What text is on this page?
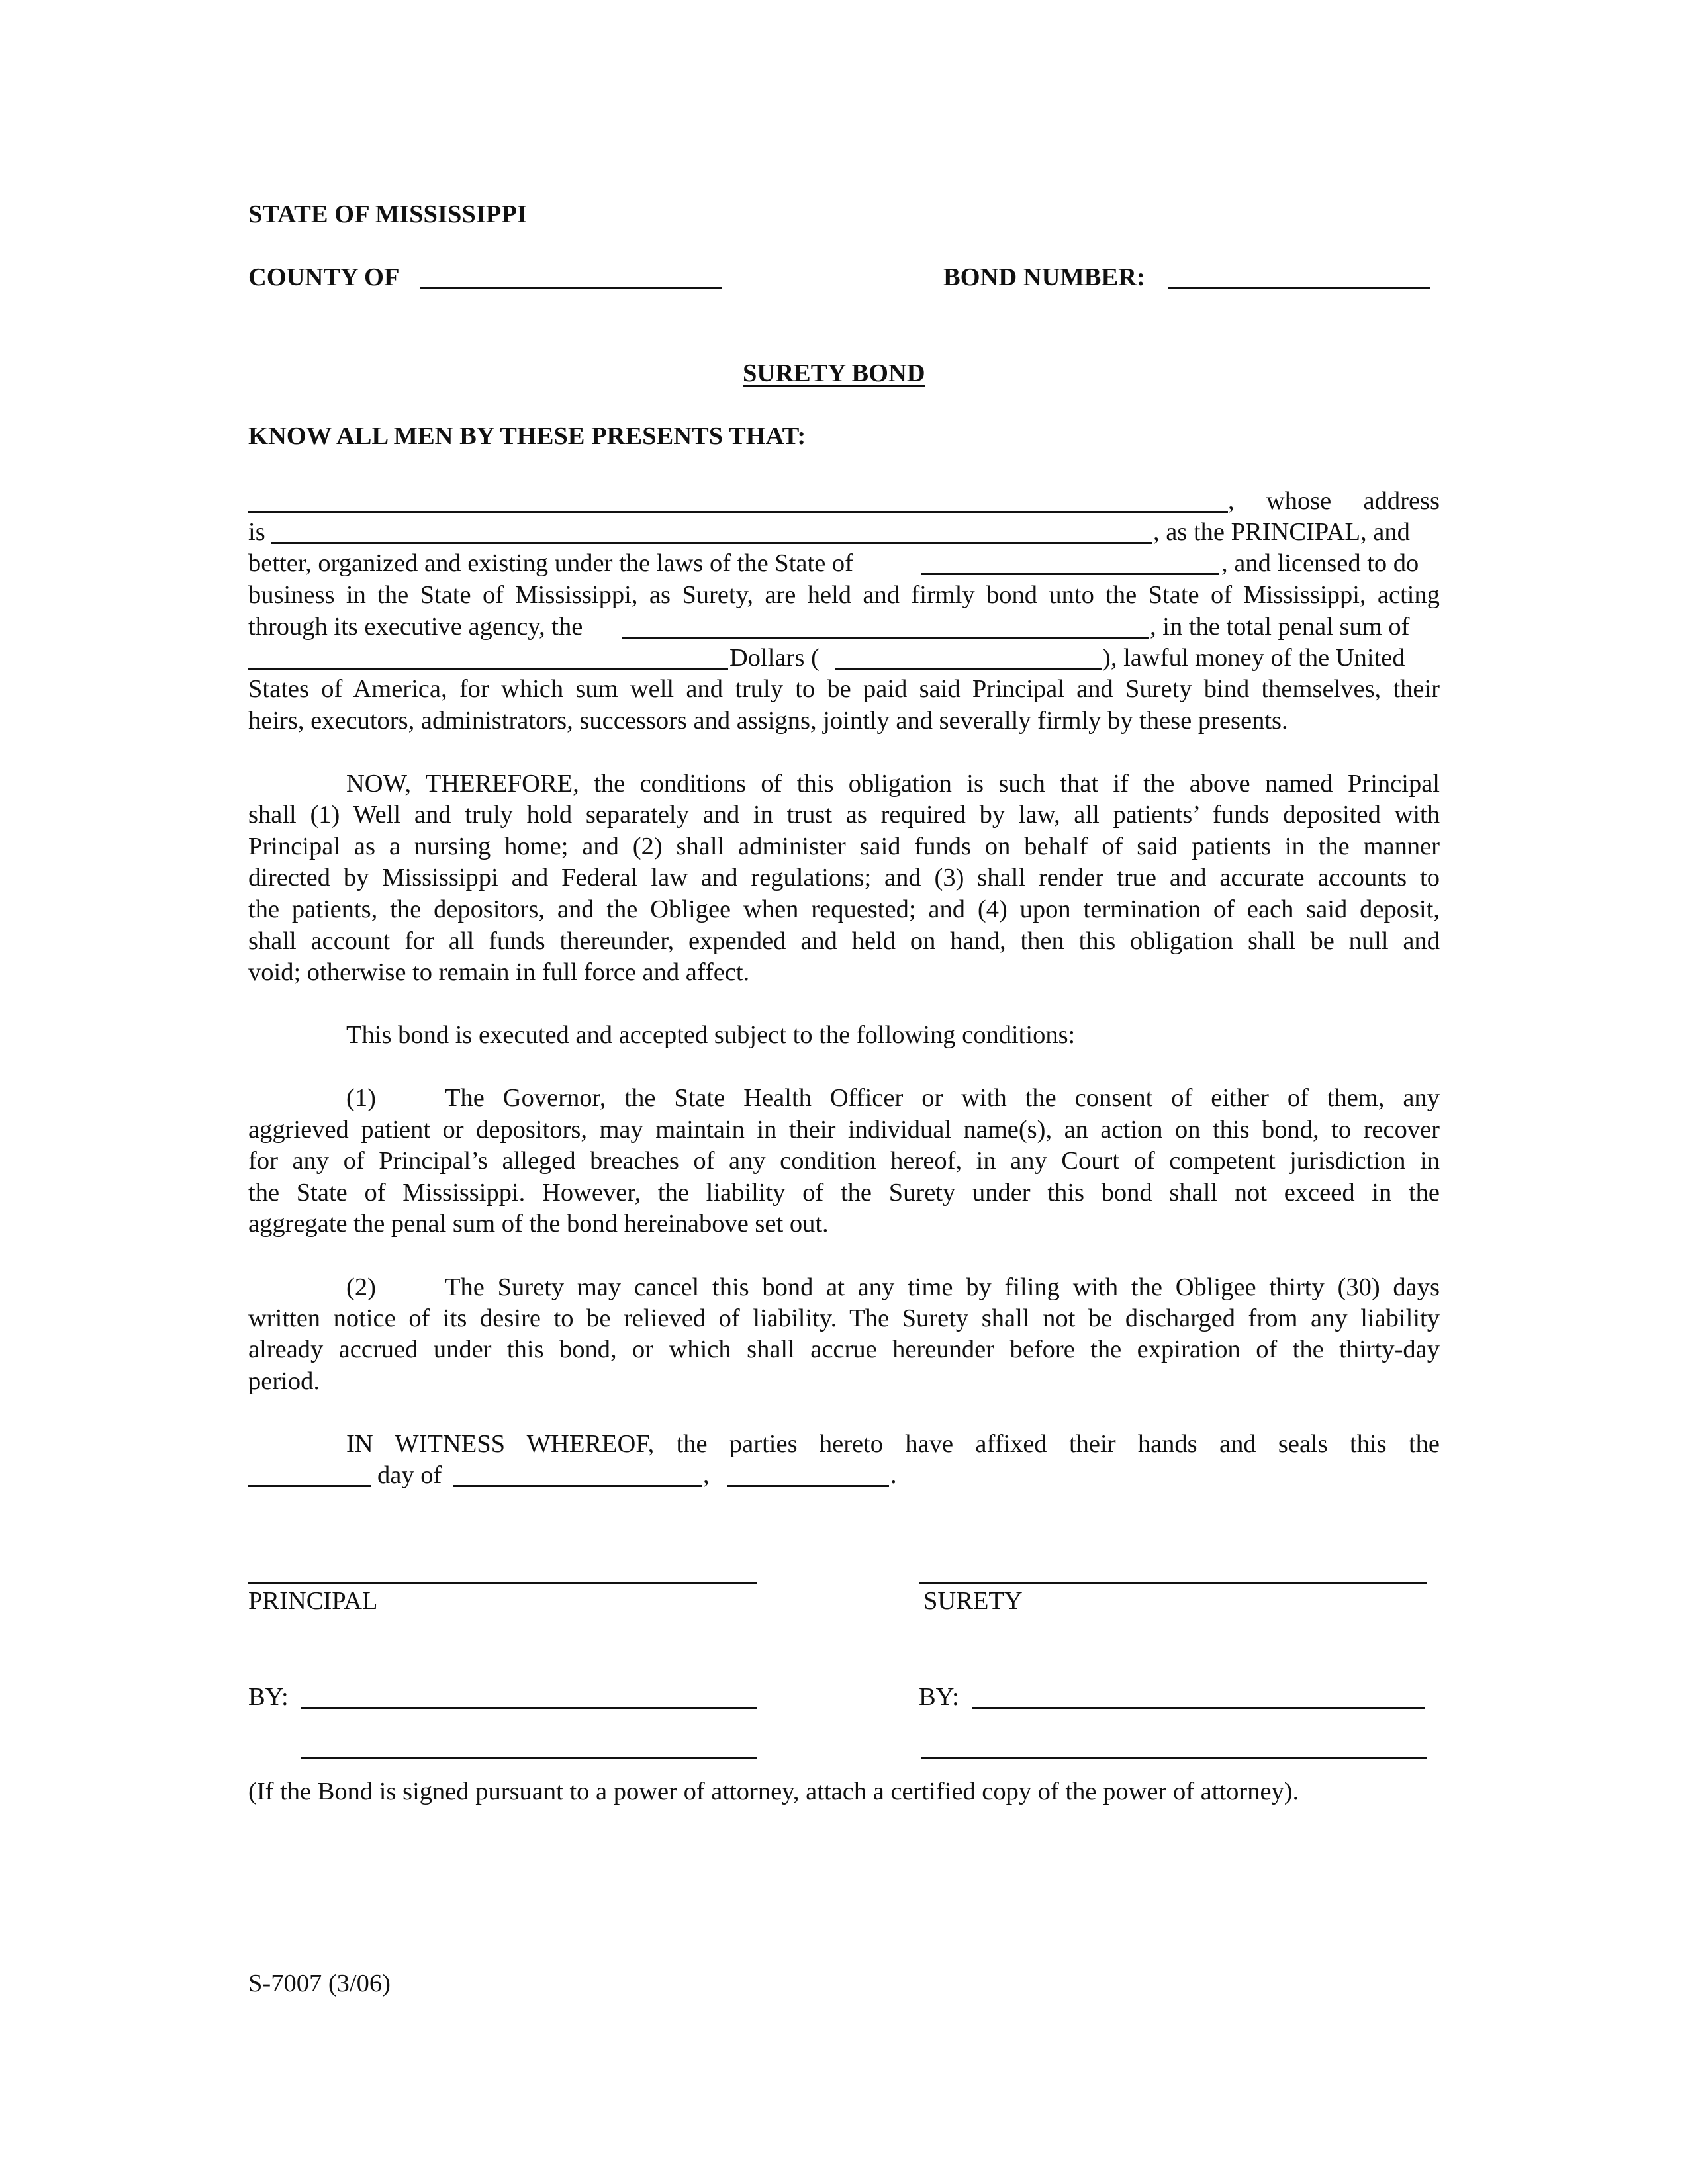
STATE OF MISSISSIPPI
COUNTY OF	BOND NUMBER:
SURETY BOND
KNOW ALL MEN BY THESE PRESENTS THAT:
, whose address
is	, as the PRINCIPAL, and
better, organized and existing under the laws of the State of	, and licensed to do
business in the State of Mississippi, as Surety, are held and firmly bond unto the State of Mississippi, acting
through its executive agency, the	, in the total penal sum of
Dollars (	), lawful money of the United
States of America, for which sum well and truly to be paid said Principal and Surety bind themselves, their
heirs, executors, administrators, successors and assigns, jointly and severally firmly by these presents.
NOW, THEREFORE, the conditions of this obligation is such that if the above named Principal
shall (1) Well and truly hold separately and in trust as required by law, all patients’ funds deposited with
Principal as a nursing home; and (2) shall administer said funds on behalf of said patients in the manner
directed by Mississippi and Federal law and regulations; and (3) shall render true and accurate accounts to
the patients, the depositors, and the Obligee when requested; and (4) upon termination of each said deposit,
shall account for all funds thereunder, expended and held on hand, then this obligation shall be null and
void; otherwise to remain in full force and affect.
This bond is executed and accepted subject to the following conditions:
(1)	The Governor, the State Health Officer or with the consent of either of them, any
aggrieved patient or depositors, may maintain in their individual name(s), an action on this bond, to recover
for any of Principal’s alleged breaches of any condition hereof, in any Court of competent jurisdiction in
the State of Mississippi. However, the liability of the Surety under this bond shall not exceed in the
aggregate the penal sum of the bond hereinabove set out.
(2)	The Surety may cancel this bond at any time by filing with the Obligee thirty (30) days
written notice of its desire to be relieved of liability. The Surety shall not be discharged from any liability
already accrued under this bond, or which shall accrue hereunder before the expiration of the thirty-day
period.
IN WITNESS WHEREOF, the parties hereto have affixed their hands and seals this the
day of	,	.
PRINCIPAL	SURETY
BY:	BY:
(If the Bond is signed pursuant to a power of attorney, attach a certified copy of the power of attorney).
S-7007 (3/06)
